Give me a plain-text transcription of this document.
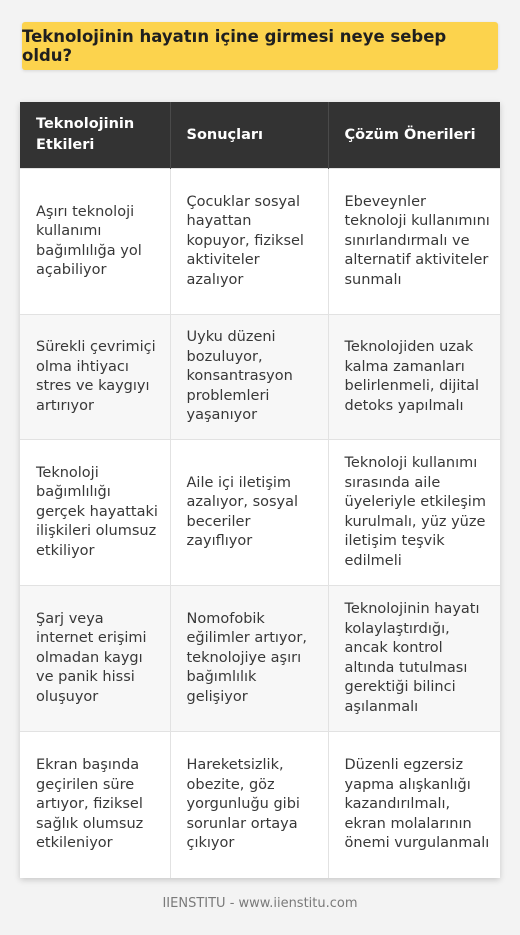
Teknolojinin hayatın içine girmesi neye sebep oldu?
Teknolojinin Etkileri	Sonuçları	Çözüm Önerileri
Aşırı teknoloji kullanımı bağımlılığa yol açabiliyor	Çocuklar sosyal hayattan kopuyor, fiziksel aktiviteler azalıyor	Ebeveynler teknoloji kullanımını sınırlandırmalı ve alternatif aktiviteler sunmalı
Sürekli çevrimiçi olma ihtiyacı stres ve kaygıyı artırıyor	Uyku düzeni bozuluyor, konsantrasyon problemleri yaşanıyor	Teknolojiden uzak kalma zamanları belirlenmeli, dijital detoks yapılmalı
Teknoloji bağımlılığı gerçek hayattaki ilişkileri olumsuz etkiliyor	Aile içi iletişim azalıyor, sosyal beceriler zayıflıyor	Teknoloji kullanımı sırasında aile üyeleriyle etkileşim kurulmalı, yüz yüze iletişim teşvik edilmeli
Şarj veya internet erişimi olmadan kaygı ve panik hissi oluşuyor	Nomofobik eğilimler artıyor, teknolojiye aşırı bağımlılık gelişiyor	Teknolojinin hayatı kolaylaştırdığı, ancak kontrol altında tutulması gerektiği bilinci aşılanmalı
Ekran başında geçirilen süre artıyor, fiziksel sağlık olumsuz etkileniyor	Hareketsizlik, obezite, göz yorgunluğu gibi sorunlar ortaya çıkıyor	Düzenli egzersiz yapma alışkanlığı kazandırılmalı, ekran molalarının önemi vurgulanmalı
IIENSTITU - www.iienstitu.com
